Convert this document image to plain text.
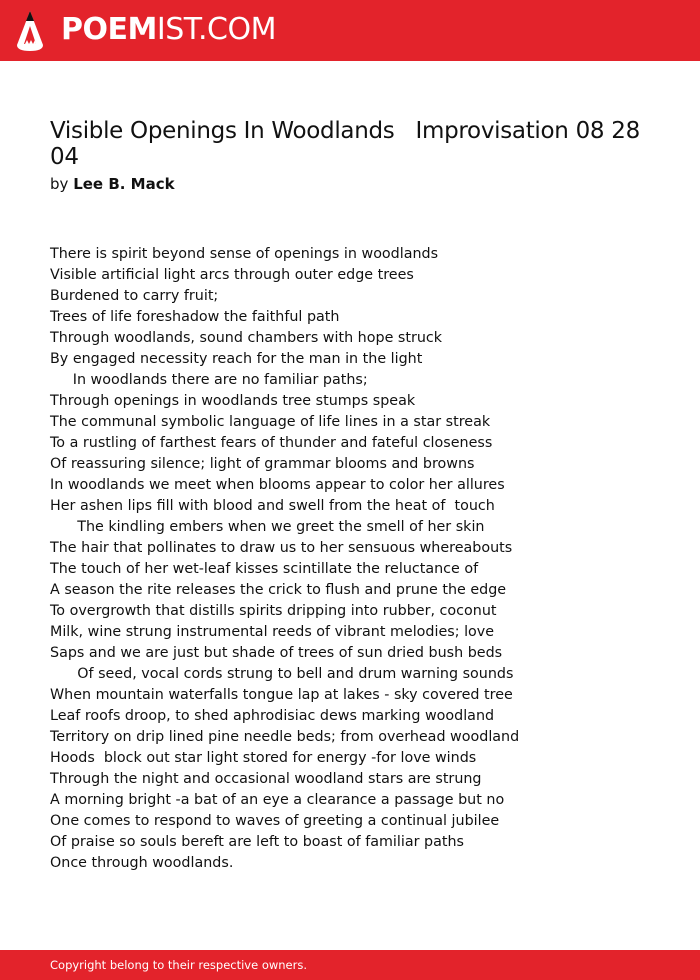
POEMIST.COM
Visible Openings In Woodlands   Improvisation 08 28 04
by Lee B. Mack
There is spirit beyond sense of openings in woodlands
Visible artificial light arcs through outer edge trees
Burdened to carry fruit;
Trees of life foreshadow the faithful path
Through woodlands, sound chambers with hope struck
By engaged necessity reach for the man in the light
In woodlands there are no familiar paths;
Through openings in woodlands tree stumps speak
The communal symbolic language of life lines in a star streak
To a rustling of farthest fears of thunder and fateful closeness
Of reassuring silence; light of grammar blooms and browns
In woodlands we meet when blooms appear to color her allures
Her ashen lips fill with blood and swell from the heat of  touch
The kindling embers when we greet the smell of her skin
The hair that pollinates to draw us to her sensuous whereabouts
The touch of her wet-leaf kisses scintillate the reluctance of
A season the rite releases the crick to flush and prune the edge
To overgrowth that distills spirits dripping into rubber, coconut
Milk, wine strung instrumental reeds of vibrant melodies; love
Saps and we are just but shade of trees of sun dried bush beds
Of seed, vocal cords strung to bell and drum warning sounds
When mountain waterfalls tongue lap at lakes - sky covered tree
Leaf roofs droop, to shed aphrodisiac dews marking woodland
Territory on drip lined pine needle beds; from overhead woodland
Hoods  block out star light stored for energy -for love winds
Through the night and occasional woodland stars are strung
A morning bright -a bat of an eye a clearance a passage but no
One comes to respond to waves of greeting a continual jubilee
Of praise so souls bereft are left to boast of familiar paths
Once through woodlands.
Copyright belong to their respective owners.
